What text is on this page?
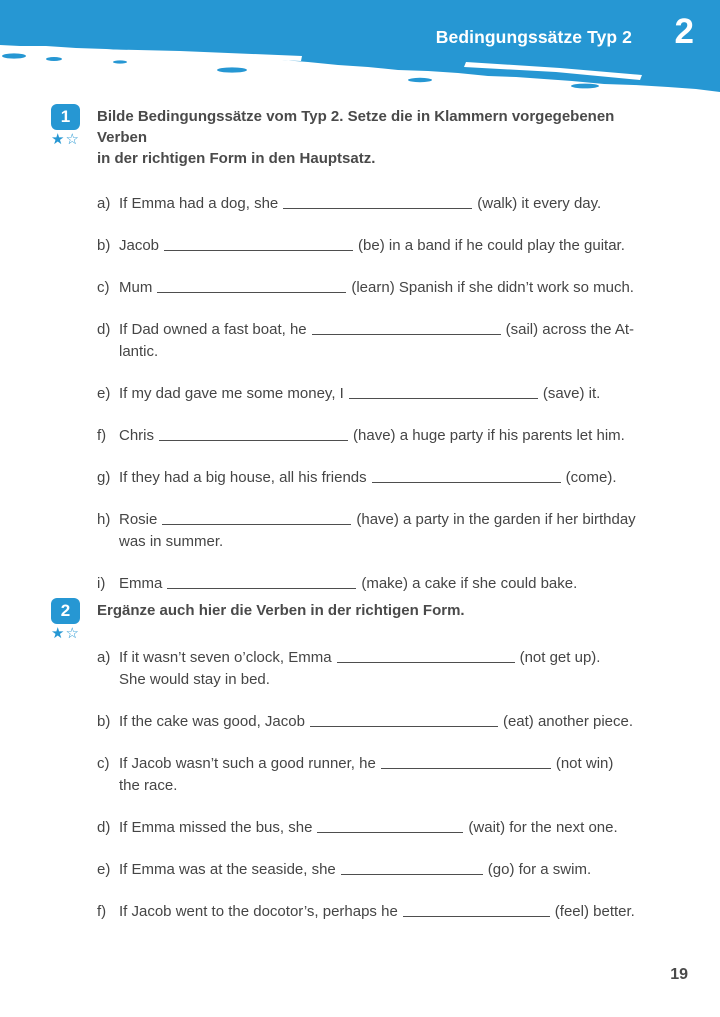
Bedingungssätze Typ 2 2
1
★☆
Bilde Bedingungssätze vom Typ 2. Setze die in Klammern vorgegebenen Verben
in der richtigen Form in den Hauptsatz.
a) If Emma had a dog, she	(walk) it every day.
b) Jacob	(be) in a band if he could play the guitar.
c) Mum	(learn) Spanish if she didn’t work so much.
d) If Dad owned a fast boat, he	(sail) across the At-
lantic.
e) If my dad gave me some money, I	(save) it.
f) Chris	(have) a huge party if his parents let him.
g) If they had a big house, all his friends	(come).
h) Rosie	(have) a party in the garden if her birthday
was in summer.
i) Emma	(make) a cake if she could bake.
2
★☆
Ergänze auch hier die Verben in der richtigen Form.
a) If it wasn’t seven o’clock, Emma	(not get up).
She would stay in bed.
b) If the cake was good, Jacob	(eat) another piece.
c) If Jacob wasn’t such a good runner, he	(not win)
the race.
d) If Emma missed the bus, she	(wait) for the next one.
e) If Emma was at the seaside, she	(go) for a swim.
f) If Jacob went to the docotor’s, perhaps he	(feel) better.
19
